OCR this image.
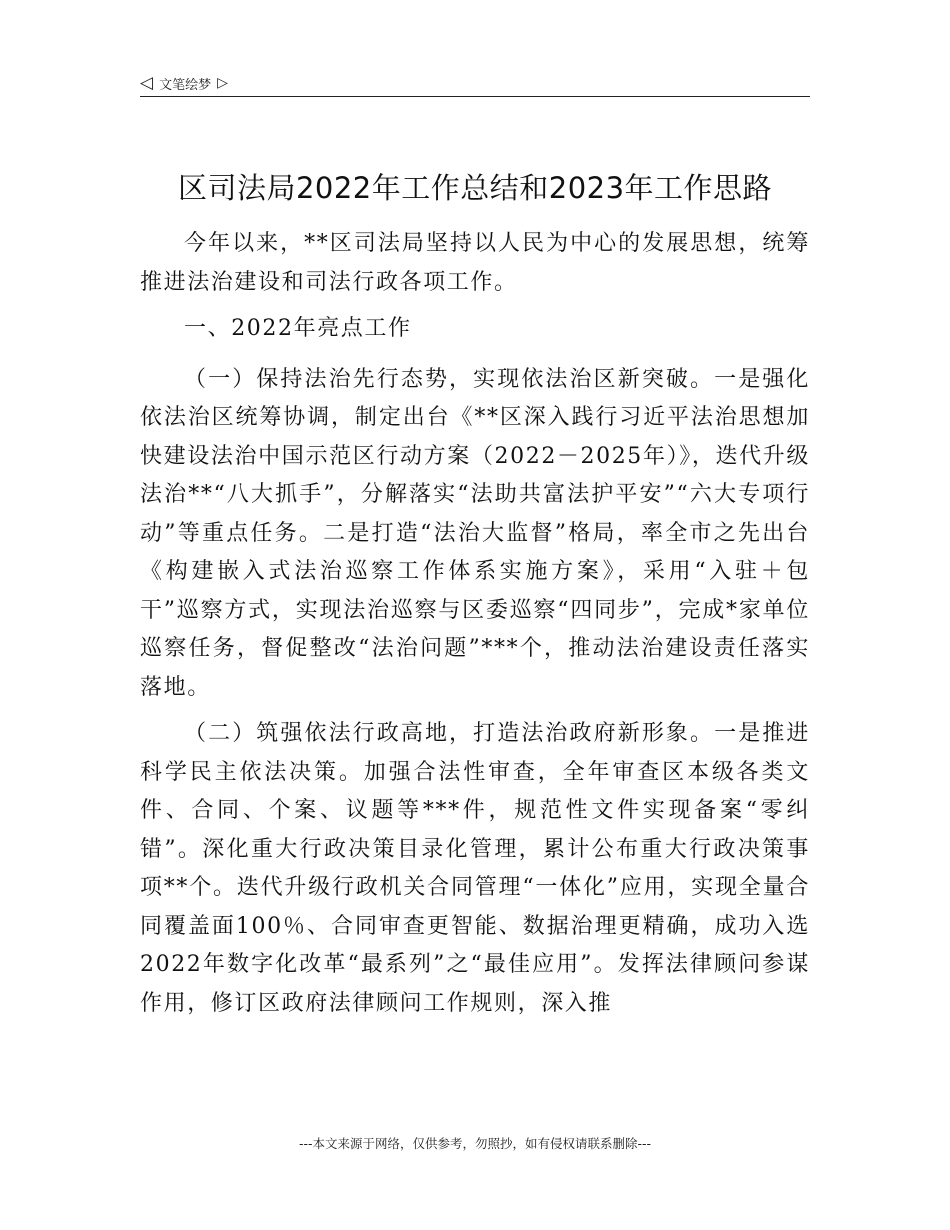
◁ 文笔绘梦 ▷
区司法局2022年工作总结和2023年工作思路

今年以来，**区司法局坚持以人民为中心的发展思想，统筹推进法治建设和司法行政各项工作。

一、2022年亮点工作

（一）保持法治先行态势，实现依法治区新突破。一是强化依法治区统筹协调，制定出台《**区深入践行习近平法治思想加快建设法治中国示范区行动方案（2022－2025年）》，迭代升级法治**“八大抓手”，分解落实“法助共富法护平安”“六大专项行动”等重点任务。二是打造“法治大监督”格局，率全市之先出台《构建嵌入式法治巡察工作体系实施方案》，采用“入驻＋包干”巡察方式，实现法治巡察与区委巡察“四同步”，完成*家单位巡察任务，督促整改“法治问题”***个，推动法治建设责任落实落地。

（二）筑强依法行政高地，打造法治政府新形象。一是推进科学民主依法决策。加强合法性审查，全年审查区本级各类文件、合同、个案、议题等***件，规范性文件实现备案“零纠错”。深化重大行政决策目录化管理，累计公布重大行政决策事项**个。迭代升级行政机关合同管理“一体化”应用，实现全量合同覆盖面100％、合同审查更智能、数据治理更精确，成功入选2022年数字化改革“最系列”之“最佳应用”。发挥法律顾问参谋作用，修订区政府法律顾问工作规则，深入推

---本文来源于网络，仅供参考，勿照抄，如有侵权请联系删除---
